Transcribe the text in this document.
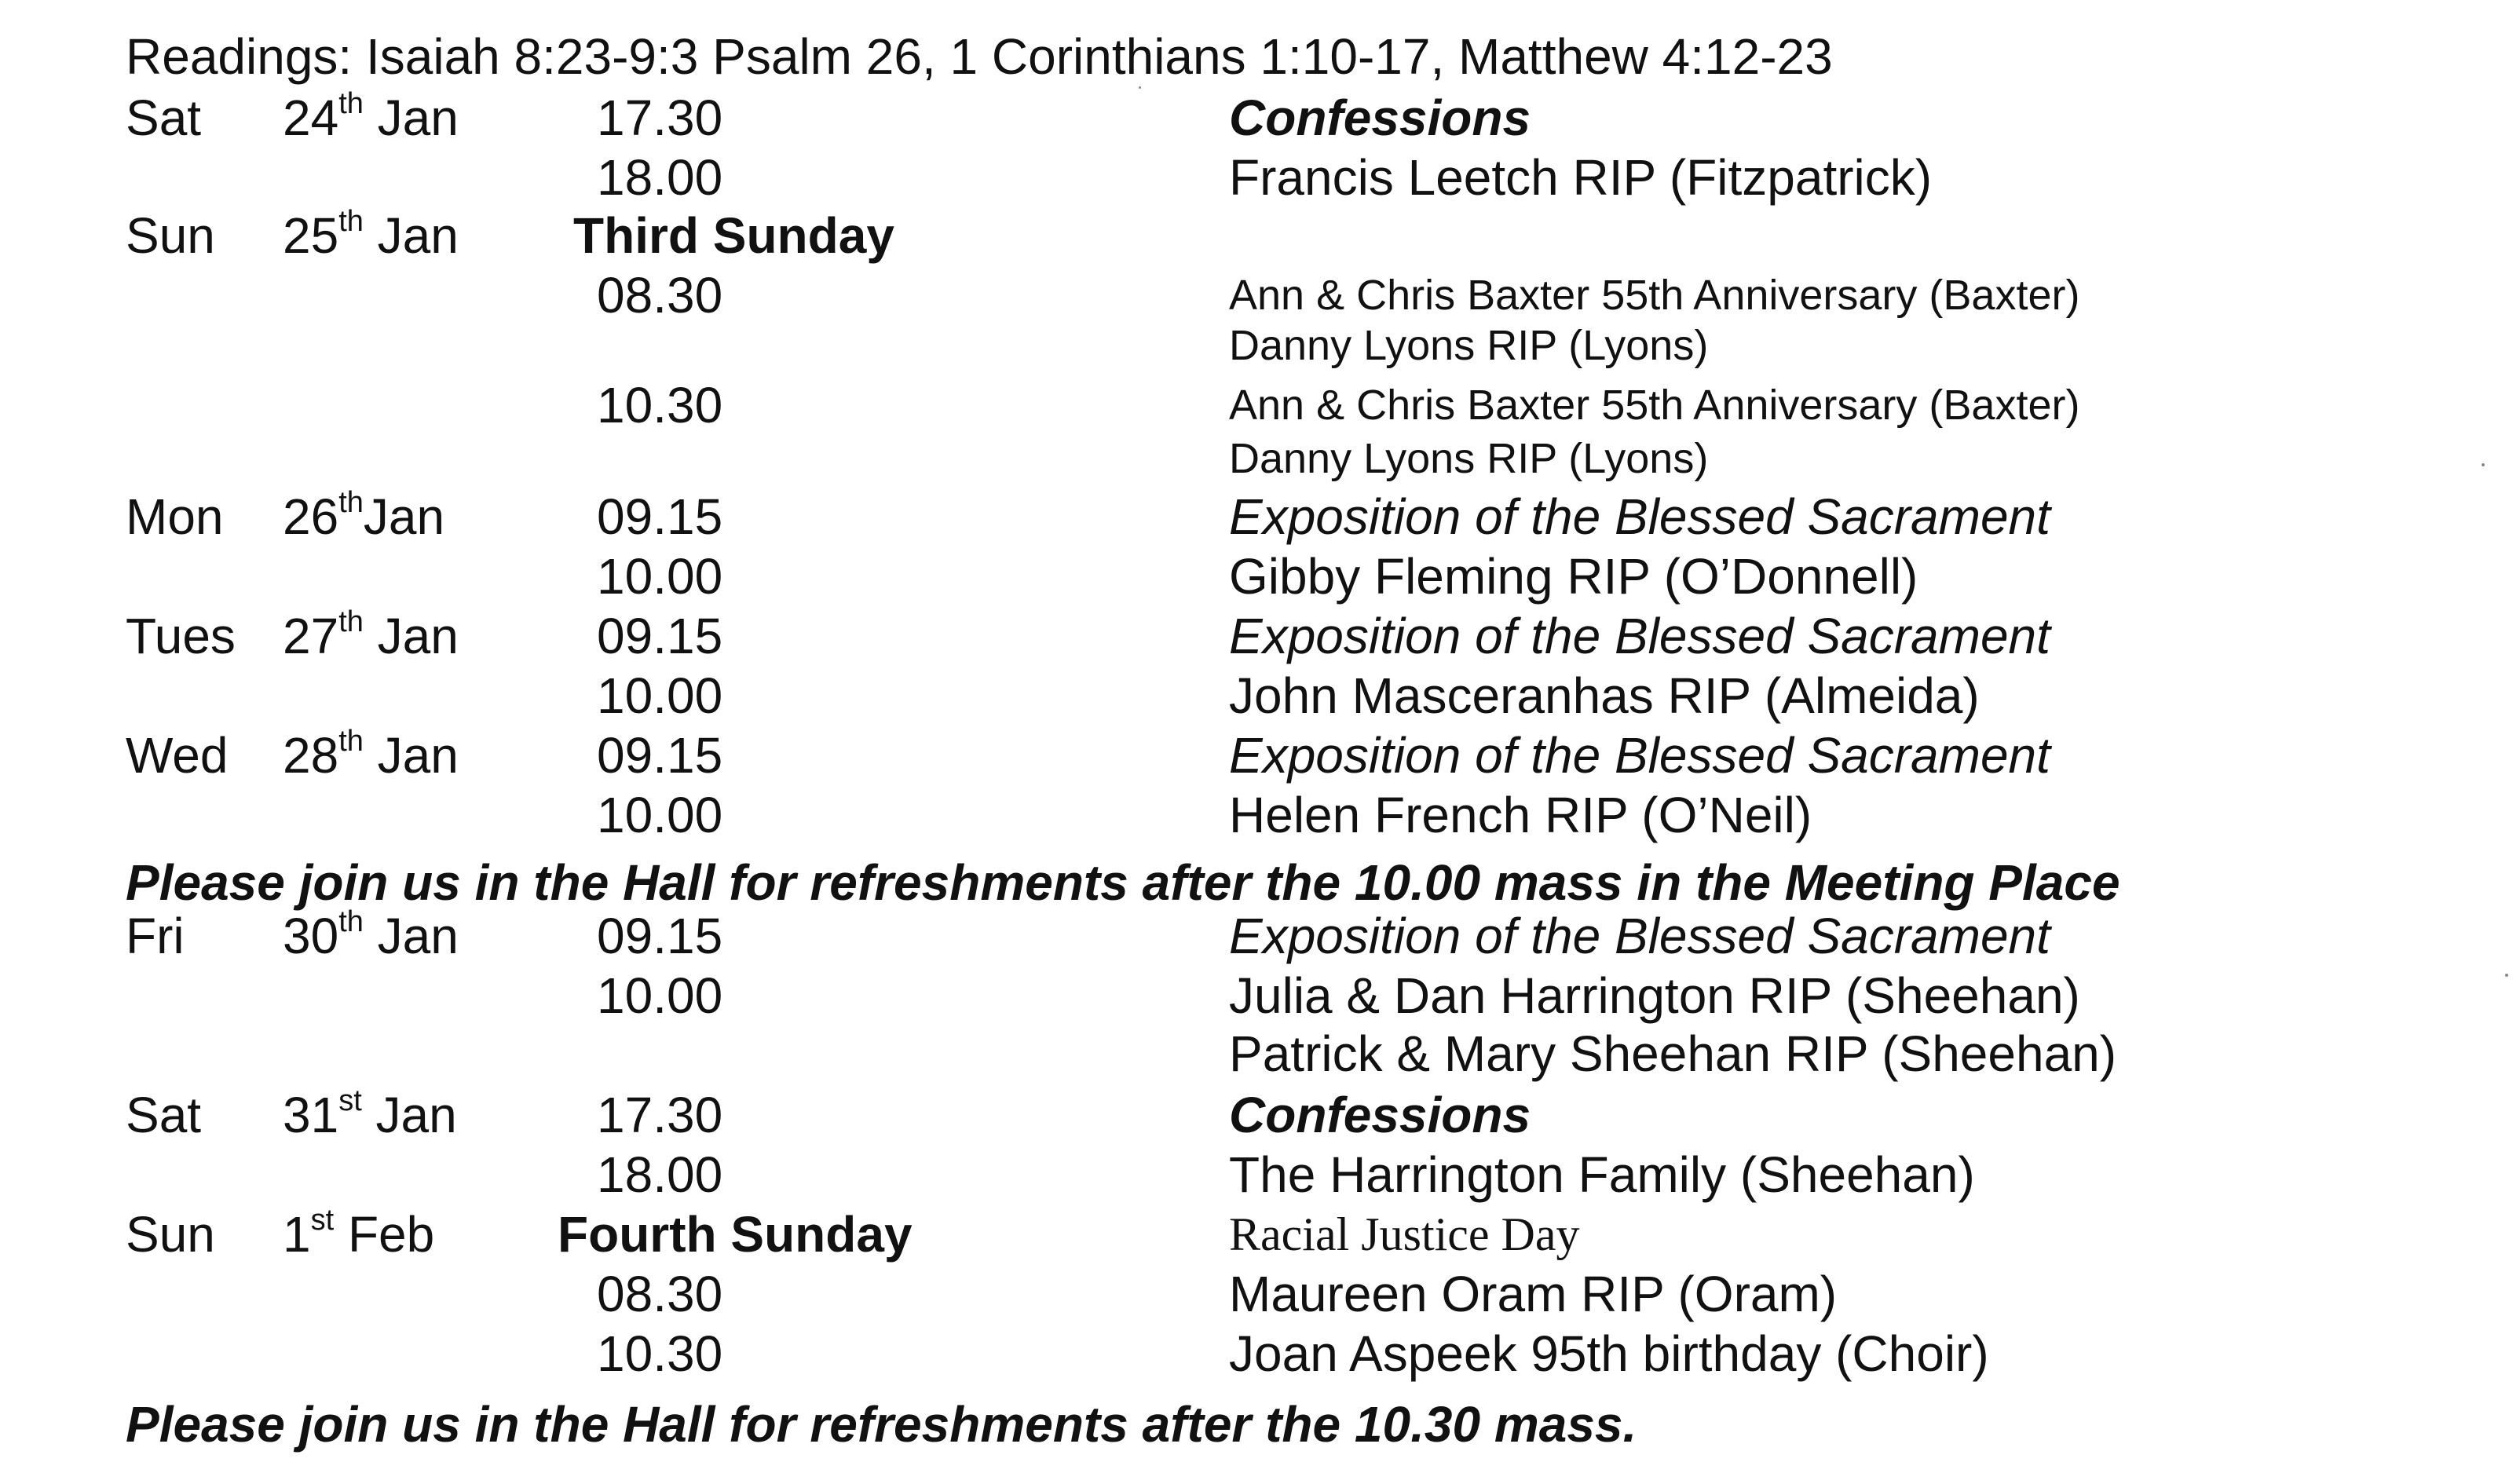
Readings: Isaiah 8:23-9:3 Psalm 26, 1 Corinthians 1:10-17, Matthew 4:12-23
Sat 24th Jan	17.30	Confessions
18.00	Francis Leetch RIP (Fitzpatrick)
Sun 25th Jan Third Sunday
08.30	Ann & Chris Baxter 55th Anniversary (Baxter)
Danny Lyons RIP (Lyons)
10.30	Ann & Chris Baxter 55th Anniversary (Baxter)
Danny Lyons RIP (Lyons)
Mon 26thJan	09.15	Exposition of the Blessed Sacrament
10.00	Gibby Fleming RIP (O’Donnell)
Tues 27th Jan	09.15	Exposition of the Blessed Sacrament
10.00	John Masceranhas RIP (Almeida)
Wed 28th Jan	09.15	Exposition of the Blessed Sacrament
10.00	Helen French RIP (O’Neil)
Please join us in the Hall for refreshments after the 10.00 mass in the Meeting Place
Fri 30th Jan	09.15	Exposition of the Blessed Sacrament
10.00	Julia & Dan Harrington RIP (Sheehan)
Patrick & Mary Sheehan RIP (Sheehan)
Sat 31st Jan	17.30	Confessions
18.00	The Harrington Family (Sheehan)
Sun 1st Feb Fourth Sunday	Racial Justice Day
08.30	Maureen Oram RIP (Oram)
10.30	Joan Aspeek 95th birthday (Choir)
Please join us in the Hall for refreshments after the 10.30 mass.
